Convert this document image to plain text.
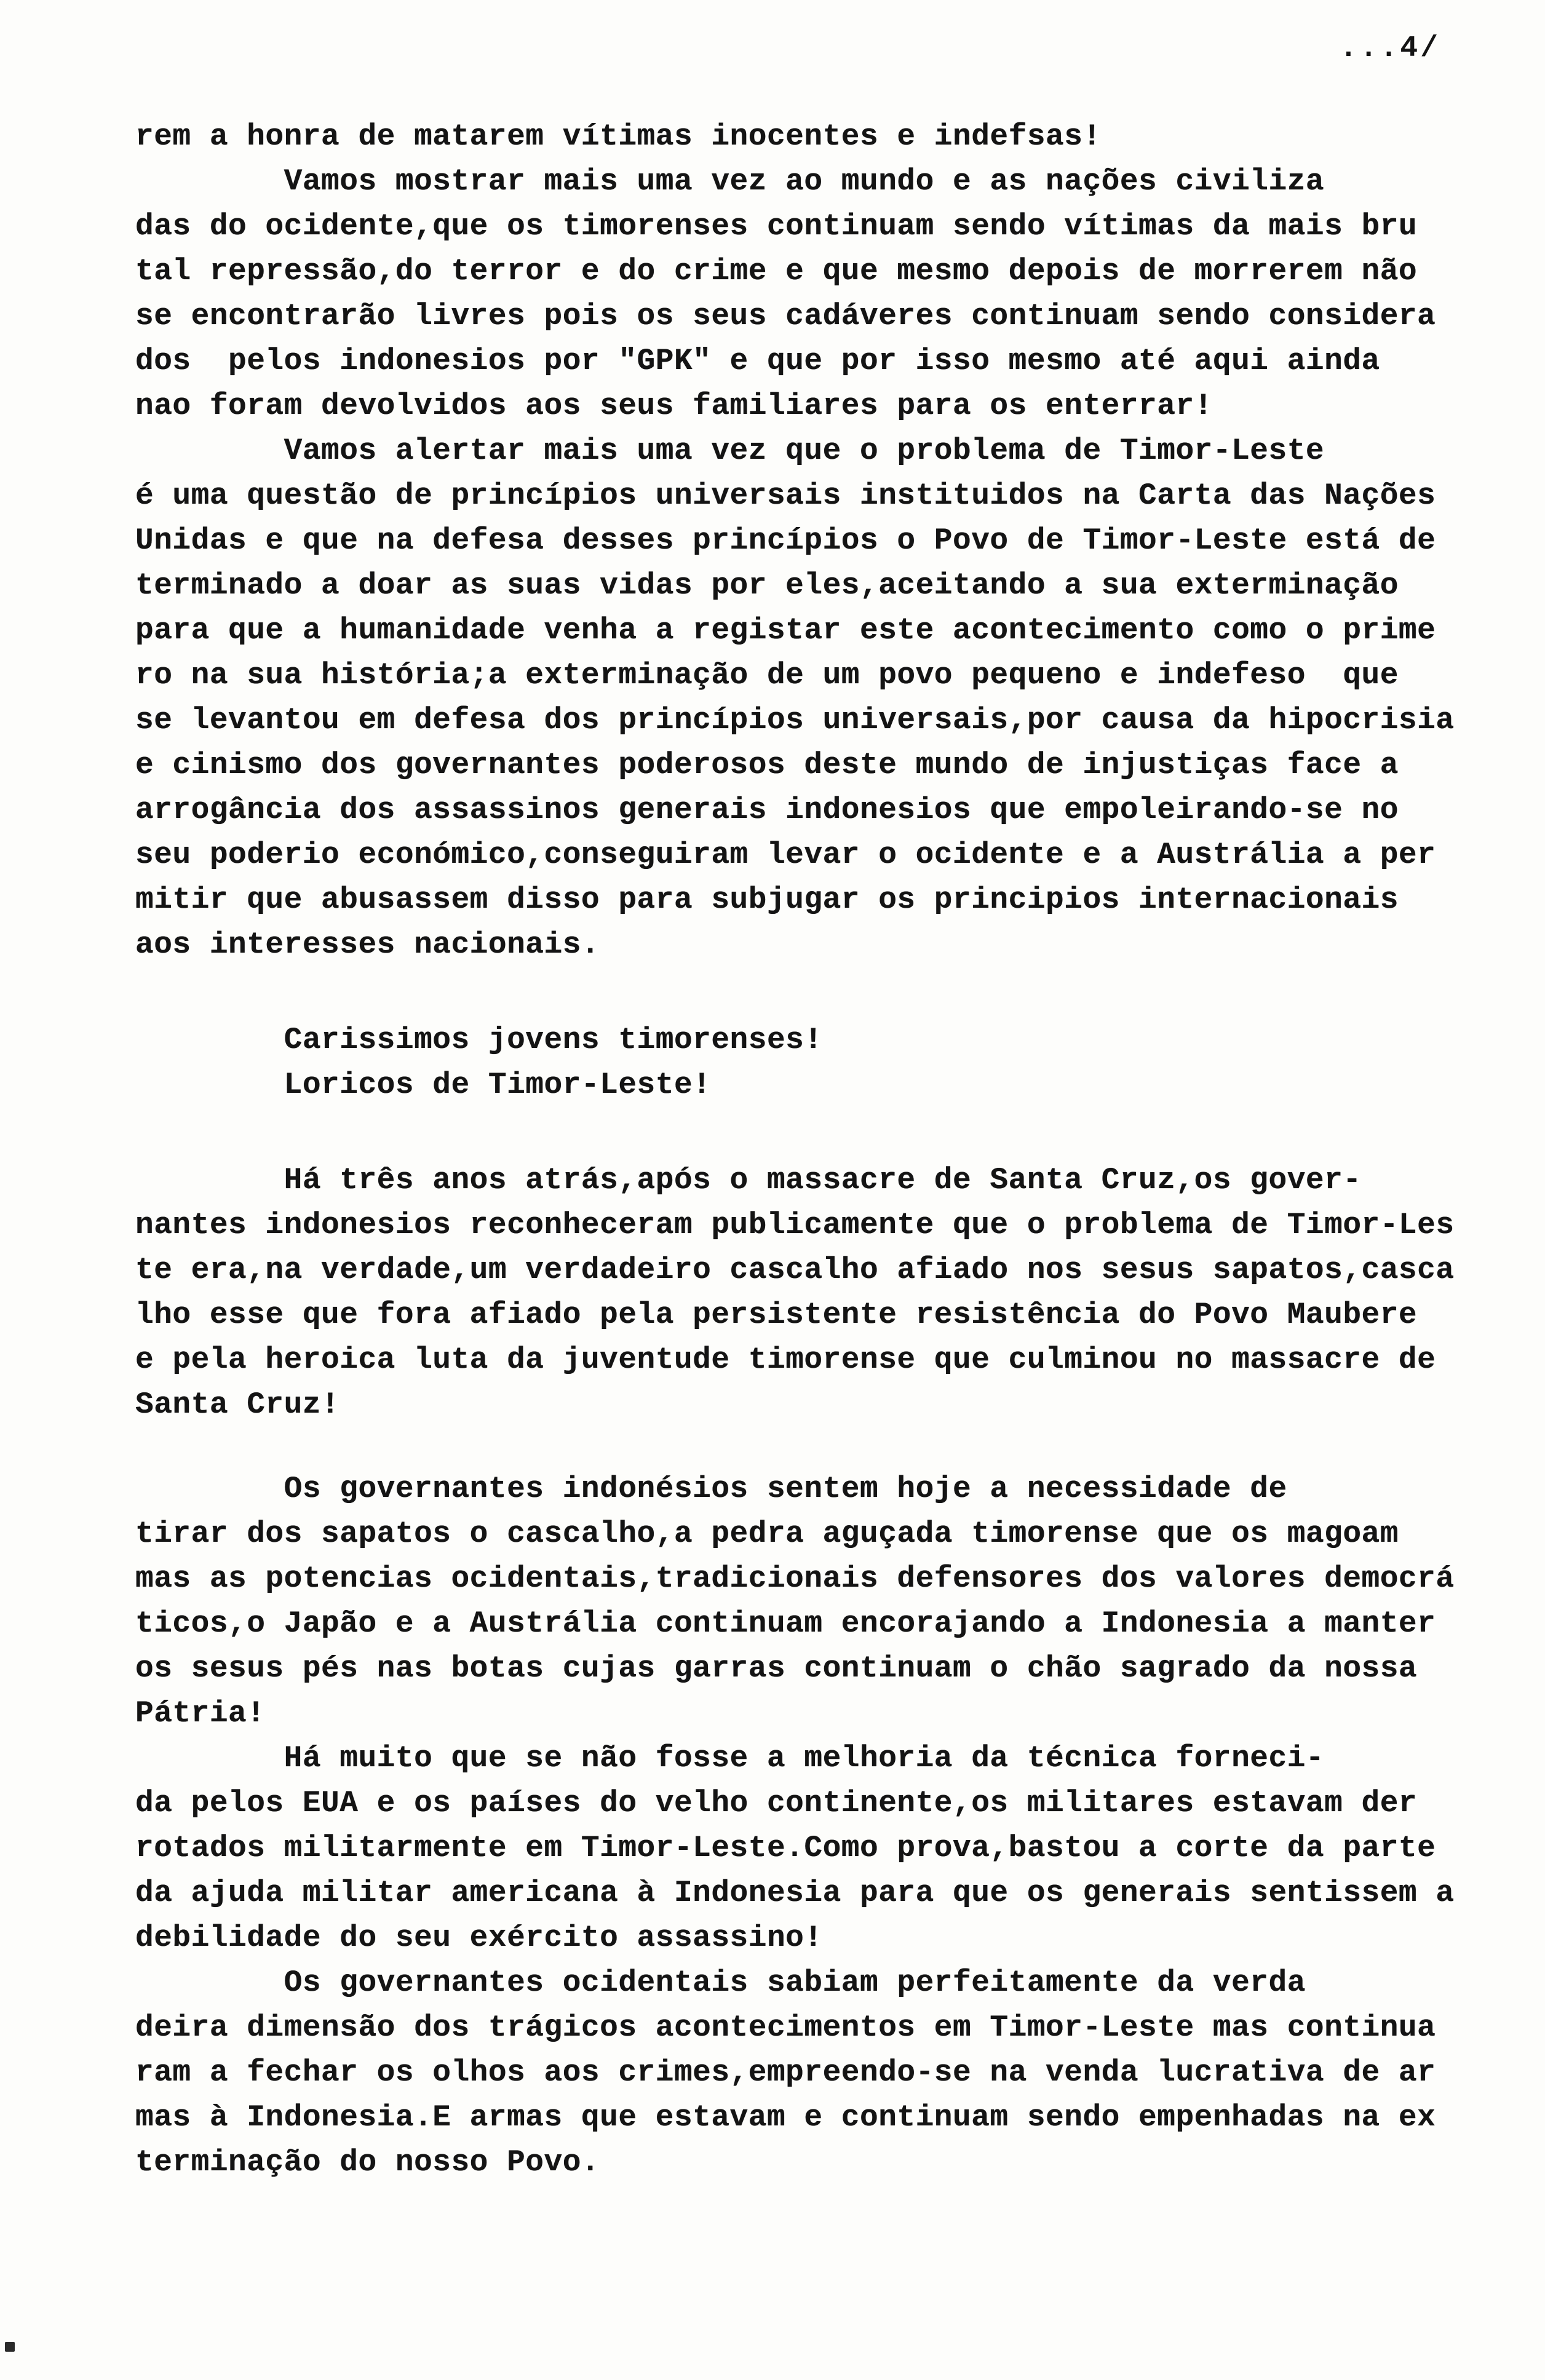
...4/
rem a honra de matarem vítimas inocentes e indefsas!
Vamos mostrar mais uma vez ao mundo e as nações civiliza
das do ocidente,que os timorenses continuam sendo vítimas da mais bru
tal repressão,do terror e do crime e que mesmo depois de morrerem não
se encontrarão livres pois os seus cadáveres continuam sendo considera
dos  pelos indonesios por "GPK" e que por isso mesmo até aqui ainda
nao foram devolvidos aos seus familiares para os enterrar!
Vamos alertar mais uma vez que o problema de Timor-Leste
é uma questão de princípios universais instituidos na Carta das Nações
Unidas e que na defesa desses princípios o Povo de Timor-Leste está de
terminado a doar as suas vidas por eles,aceitando a sua exterminação
para que a humanidade venha a registar este acontecimento como o prime
ro na sua história;a exterminação de um povo pequeno e indefeso  que
se levantou em defesa dos princípios universais,por causa da hipocrisia
e cinismo dos governantes poderosos deste mundo de injustiças face a
arrogância dos assassinos generais indonesios que empoleirando-se no
seu poderio económico,conseguiram levar o ocidente e a Austrália a per
mitir que abusassem disso para subjugar os principios internacionais
aos interesses nacionais.
Carissimos jovens timorenses!
Loricos de Timor-Leste!
Há três anos atrás,após o massacre de Santa Cruz,os gover-
nantes indonesios reconheceram publicamente que o problema de Timor-Les
te era,na verdade,um verdadeiro cascalho afiado nos sesus sapatos,casca
lho esse que fora afiado pela persistente resistência do Povo Maubere
e pela heroica luta da juventude timorense que culminou no massacre de
Santa Cruz!
Os governantes indonésios sentem hoje a necessidade de
tirar dos sapatos o cascalho,a pedra aguçada timorense que os magoam
mas as potencias ocidentais,tradicionais defensores dos valores democrá
ticos,o Japão e a Austrália continuam encorajando a Indonesia a manter
os sesus pés nas botas cujas garras continuam o chão sagrado da nossa
Pátria!
Há muito que se não fosse a melhoria da técnica forneci-
da pelos EUA e os países do velho continente,os militares estavam der
rotados militarmente em Timor-Leste.Como prova,bastou a corte da parte
da ajuda militar americana à Indonesia para que os generais sentissem a
debilidade do seu exército assassino!
Os governantes ocidentais sabiam perfeitamente da verda
deira dimensão dos trágicos acontecimentos em Timor-Leste mas continua
ram a fechar os olhos aos crimes,empreendo-se na venda lucrativa de ar
mas à Indonesia.E armas que estavam e continuam sendo empenhadas na ex
terminação do nosso Povo.
